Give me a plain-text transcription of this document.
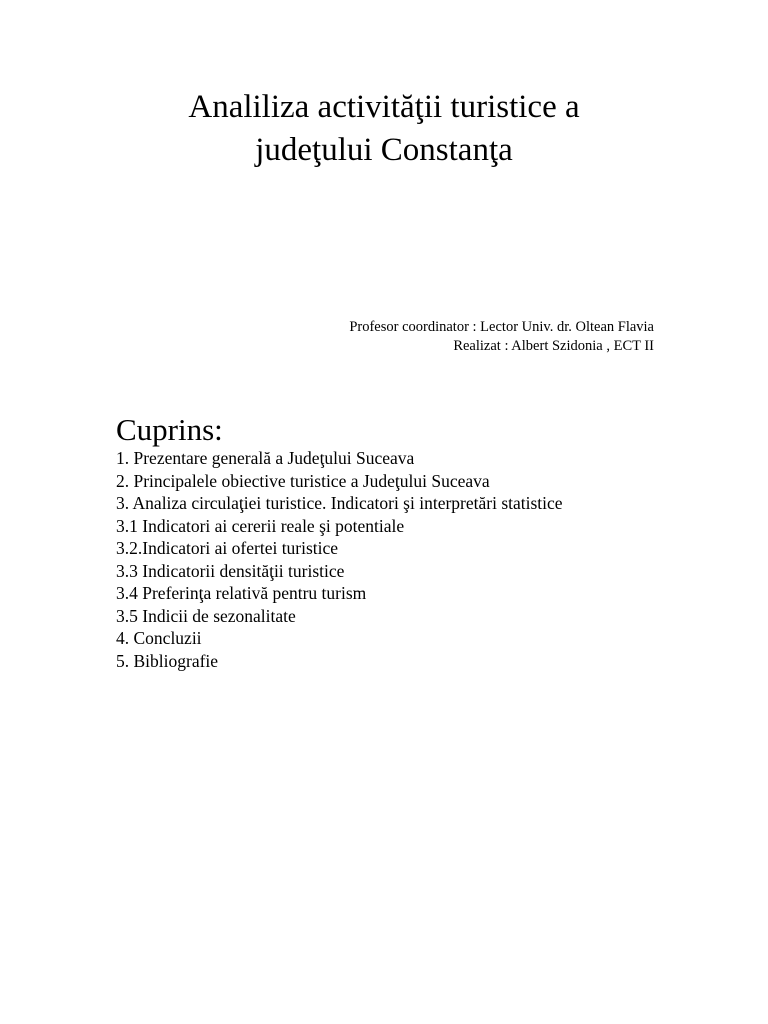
Analiliza activităţii turistice a
judeţului Constanţa
Profesor coordinator : Lector Univ. dr. Oltean Flavia
Realizat : Albert Szidonia , ECT II
Cuprins:
1. Prezentare generală a Judeţului Suceava
2. Principalele obiective turistice a Judeţului Suceava
3. Analiza circulaţiei turistice. Indicatori şi interpretări statistice
3.1 Indicatori ai cererii reale şi potentiale
3.2.Indicatori ai ofertei turistice
3.3 Indicatorii densităţii turistice
3.4 Preferinţa relativă pentru turism
3.5 Indicii de sezonalitate
4. Concluzii
5. Bibliografie
